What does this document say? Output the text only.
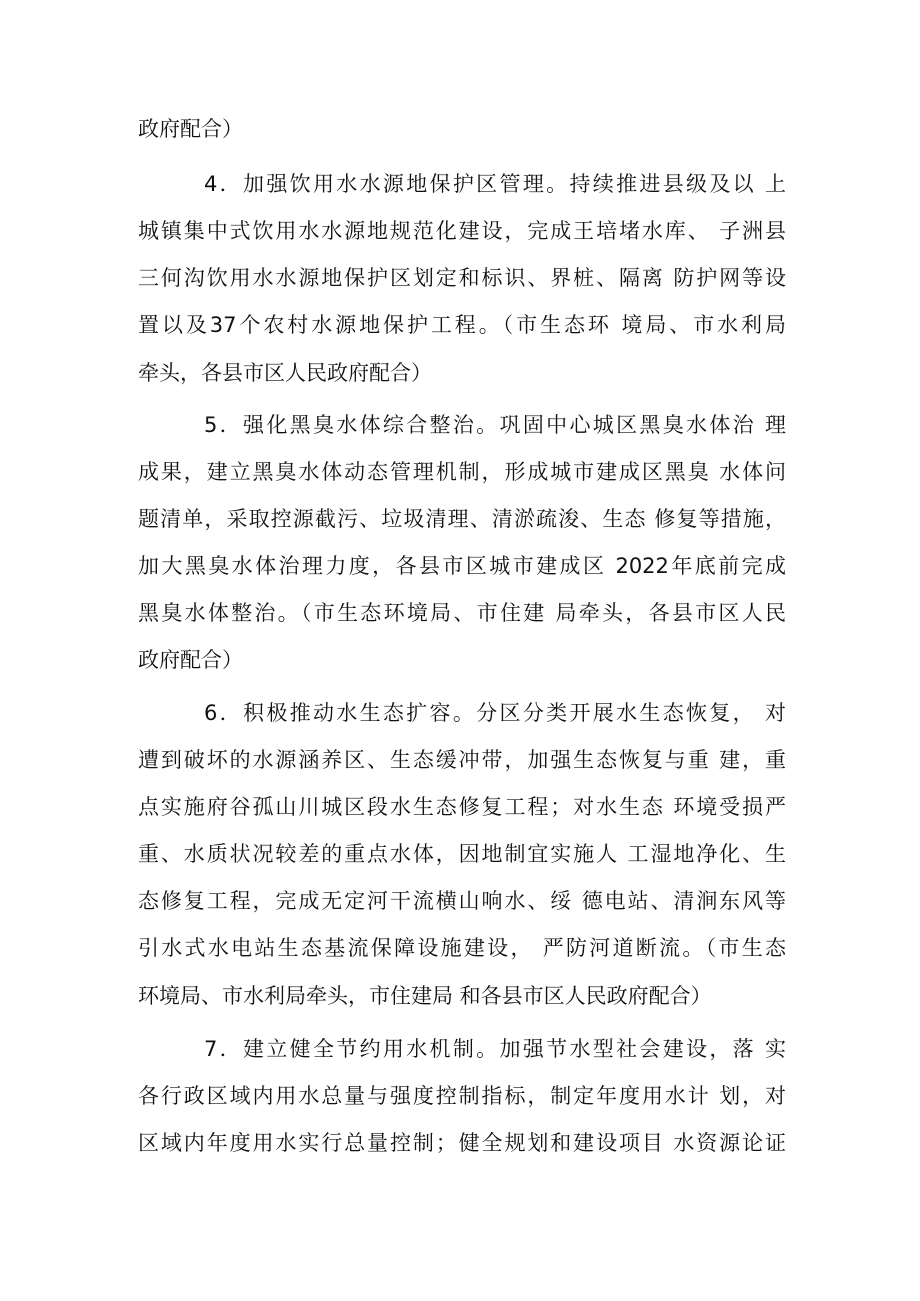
政府配合）
4．加强饮用水水源地保护区管理。持续推进县级及以 上
城镇集中式饮用水水源地规范化建设，完成王培堵水库、 子洲县
三何沟饮用水水源地保护区划定和标识、界桩、隔离 防护网等设
置以及37个农村水源地保护工程。（市生态环 境局、市水利局
牵头，各县市区人民政府配合）
5．强化黑臭水体综合整治。巩固中心城区黑臭水体治 理
成果，建立黑臭水体动态管理机制，形成城市建成区黑臭 水体问
题清单，采取控源截污、垃圾清理、清淤疏浚、生态 修复等措施，
加大黑臭水体治理力度，各县市区城市建成区 2022年底前完成
黑臭水体整治。（市生态环境局、市住建 局牵头，各县市区人民
政府配合）
6．积极推动水生态扩容。分区分类开展水生态恢复， 对
遭到破坏的水源涵养区、生态缓冲带，加强生态恢复与重 建，重
点实施府谷孤山川城区段水生态修复工程；对水生态 环境受损严
重、水质状况较差的重点水体，因地制宜实施人 工湿地净化、生
态修复工程，完成无定河干流横山响水、绥 德电站、清涧东风等
引水式水电站生态基流保障设施建设， 严防河道断流。（市生态
环境局、市水利局牵头，市住建局 和各县市区人民政府配合）
7．建立健全节约用水机制。加强节水型社会建设，落 实
各行政区域内用水总量与强度控制指标，制定年度用水计 划，对
区域内年度用水实行总量控制；健全规划和建设项目 水资源论证
